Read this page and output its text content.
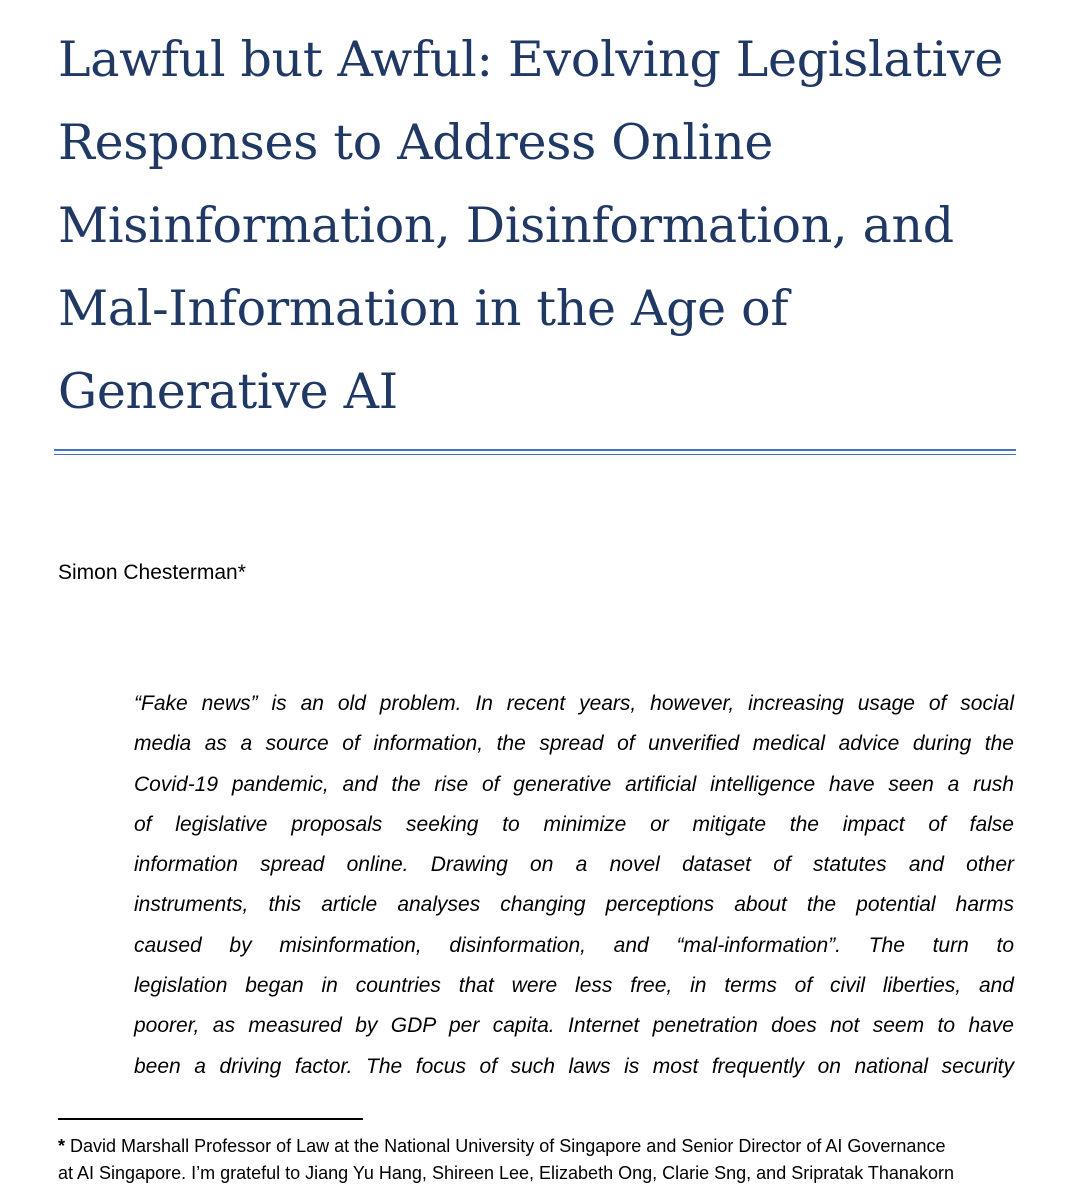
Lawful but Awful: Evolving Legislative
Responses to Address Online
Misinformation, Disinformation, and
Mal-Information in the Age of
Generative AI
Simon Chesterman*
“Fake news” is an old problem. In recent years, however, increasing usage of social
media as a source of information, the spread of unverified medical advice during the
Covid-19 pandemic, and the rise of generative artificial intelligence have seen a rush
of legislative proposals seeking to minimize or mitigate the impact of false
information spread online. Drawing on a novel dataset of statutes and other
instruments, this article analyses changing perceptions about the potential harms
caused by misinformation, disinformation, and “mal-information”. The turn to
legislation began in countries that were less free, in terms of civil liberties, and
poorer, as measured by GDP per capita. Internet penetration does not seem to have
been a driving factor. The focus of such laws is most frequently on national security
* David Marshall Professor of Law at the National University of Singapore and Senior Director of AI Governance
at AI Singapore. I’m grateful to Jiang Yu Hang, Shireen Lee, Elizabeth Ong, Clarie Sng, and Sripratak Thanakorn
